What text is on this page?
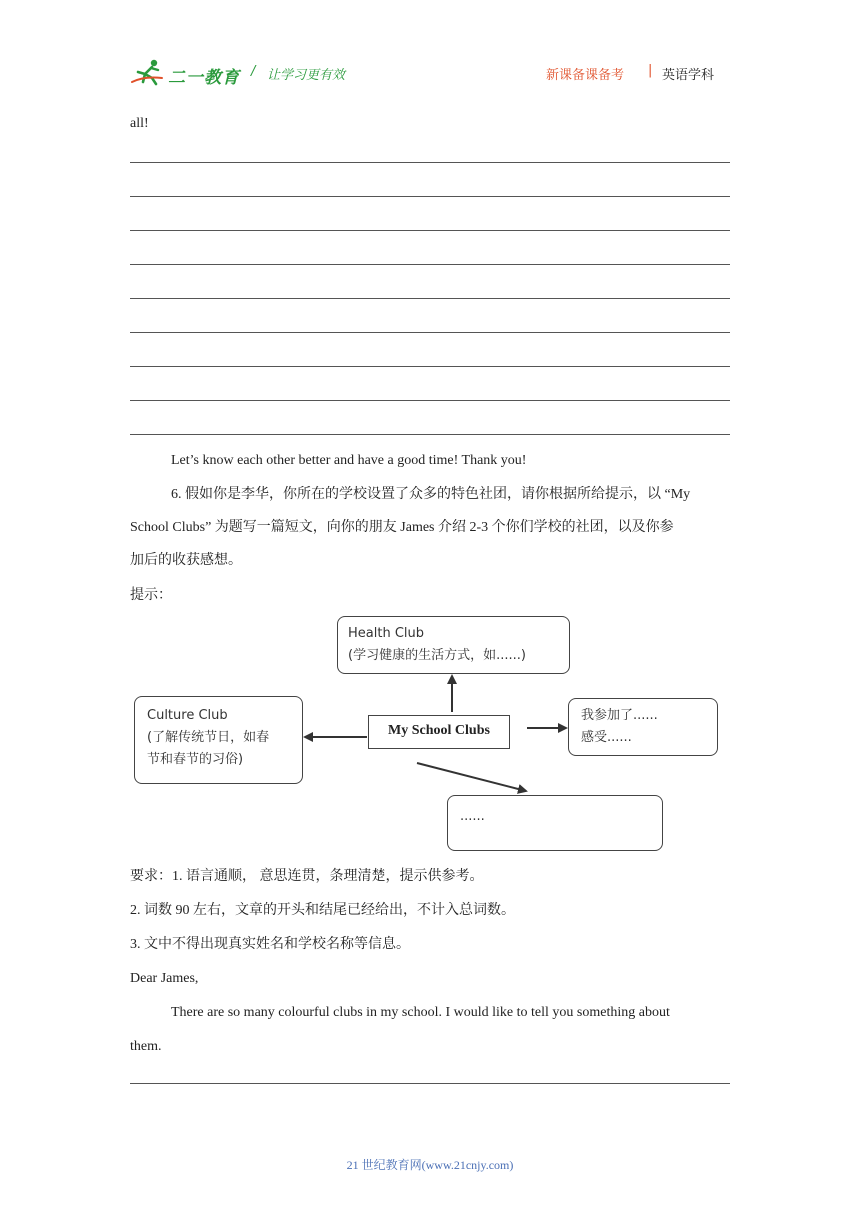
二一教育 / 让学习更有效	新课备课备考 | 英语学科
all!
Let’s know each other better and have a good time! Thank you!
6. 假如你是李华，你所在的学校设置了众多的特色社团，请你根据所给提示，以 “My
School Clubs” 为题写一篇短文，向你的朋友 James 介绍 2-3 个你们学校的社团，以及你参
加后的收获感想。
提示：
Health Club
(学习健康的生活方式，如......)
Culture Club
(了解传统节日，如春
节和春节的习俗)
My School Clubs
我参加了......
感受......
......
要求：1. 语言通顺， 意思连贯，条理清楚，提示供参考。
2. 词数 90 左右，文章的开头和结尾已经给出，不计入总词数。
3. 文中不得出现真实姓名和学校名称等信息。
Dear James,
There are so many colourful clubs in my school. I would like to tell you something about
them.
21 世纪教育网(www.21cnjy.com)
